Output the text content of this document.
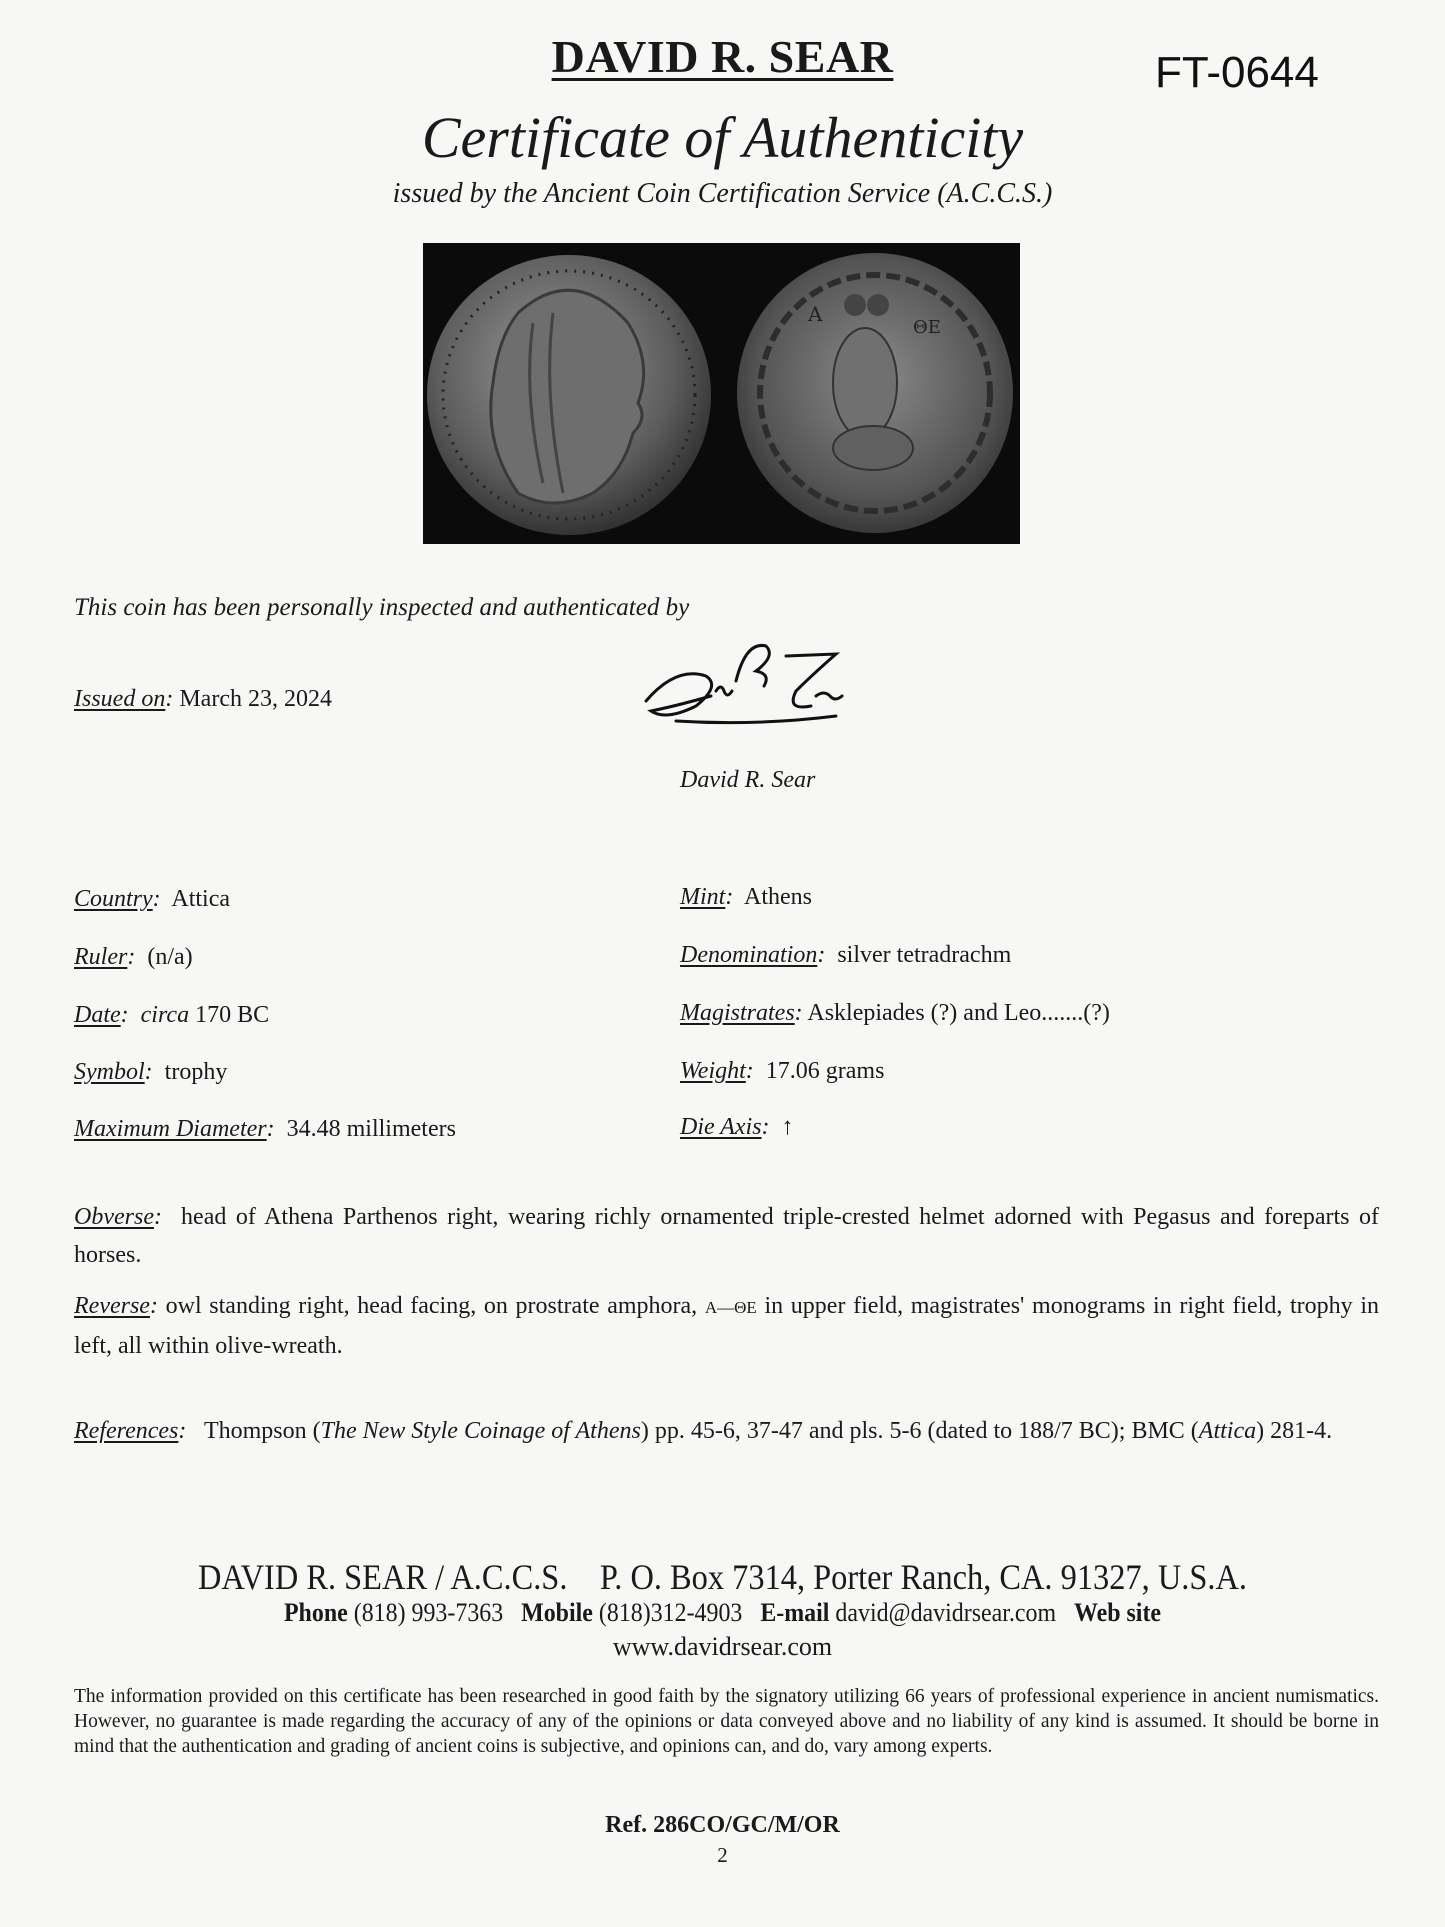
DAVID R. SEAR	FT-0644
Certificate of Authenticity
issued by the Ancient Coin Certification Service (A.C.C.S.)
Α
ΘΕ
This coin has been personally inspected and authenticated by
Issued on: March 23, 2024
David R. Sear
Country: Attica
Ruler: (n/a)
Date: circa 170 BC
Symbol: trophy
Maximum Diameter: 34.48 millimeters
Mint: Athens
Denomination: silver tetradrachm
Magistrates: Asklepiades (?) and Leo.......(?)
Weight: 17.06 grams
Die Axis: ↑
Obverse: head of Athena Parthenos right, wearing richly ornamented triple-crested helmet adorned with Pegasus and foreparts of horses.
Reverse: owl standing right, head facing, on prostrate amphora, Α—ΘΕ in upper field, magistrates' monograms in right field, trophy in left, all within olive-wreath.
References: Thompson (The New Style Coinage of Athens) pp. 45-6, 37-47 and pls. 5-6 (dated to 188/7 BC); BMC (Attica) 281-4.
DAVID R. SEAR / A.C.C.S.    P. O. Box 7314, Porter Ranch, CA. 91327, U.S.A.
Phone (818) 993-7363 Mobile (818)312-4903 E-mail david@davidrsear.com Web site
www.davidrsear.com
The information provided on this certificate has been researched in good faith by the signatory utilizing 66 years of professional experience in ancient numismatics. However, no guarantee is made regarding the accuracy of any of the opinions or data conveyed above and no liability of any kind is assumed. It should be borne in mind that the authentication and grading of ancient coins is subjective, and opinions can, and do, vary among experts.
Ref. 286CO/GC/M/OR
2
